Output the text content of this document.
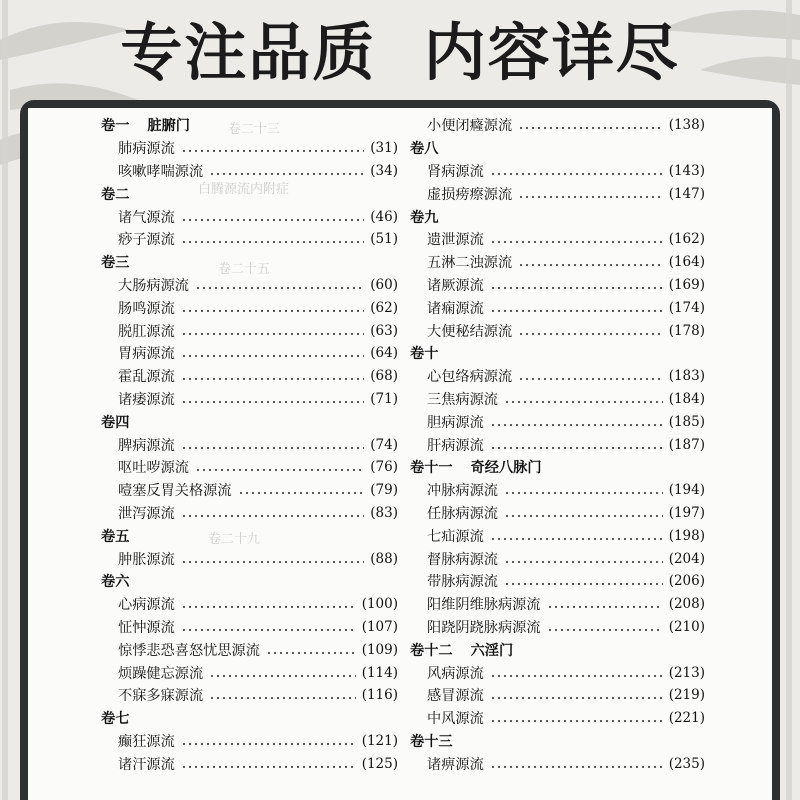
专注品质  内容详尽
卷二十三
白腾源流内附症
卷二十五
卷二十九
卷一 脏腑门
肺病源流	(31)
咳嗽哮喘源流	(34)
卷二
诸气源流	(46)
痧子源流	(51)
卷三
大肠病源流	(60)
肠鸣源流	(62)
脱肛源流	(63)
胃病源流	(64)
霍乱源流	(68)
诸痿源流	(71)
卷四
脾病源流	(74)
呕吐哕源流	(76)
噎塞反胃关格源流	(79)
泄泻源流	(83)
卷五
肿胀源流	(88)
卷六
心病源流	(100)
怔忡源流	(107)
惊悸悲恐喜怒忧思源流	(109)
烦躁健忘源流	(114)
不寐多寐源流	(116)
卷七
癫狂源流	(121)
诸汗源流	(125)
小便闭癃源流	(138)
卷八
肾病源流	(143)
虚损痨瘵源流	(147)
卷九
遗泄源流	(162)
五淋二浊源流	(164)
诸厥源流	(169)
诸痫源流	(174)
大便秘结源流	(178)
卷十
心包络病源流	(183)
三焦病源流	(184)
胆病源流	(185)
肝病源流	(187)
卷十一 奇经八脉门
冲脉病源流	(194)
任脉病源流	(197)
七疝源流	(198)
督脉病源流	(204)
带脉病源流	(206)
阳维阴维脉病源流	(208)
阳跷阴跷脉病源流	(210)
卷十二 六淫门
风病源流	(213)
感冒源流	(219)
中风源流	(221)
卷十三
诸痹源流	(235)
